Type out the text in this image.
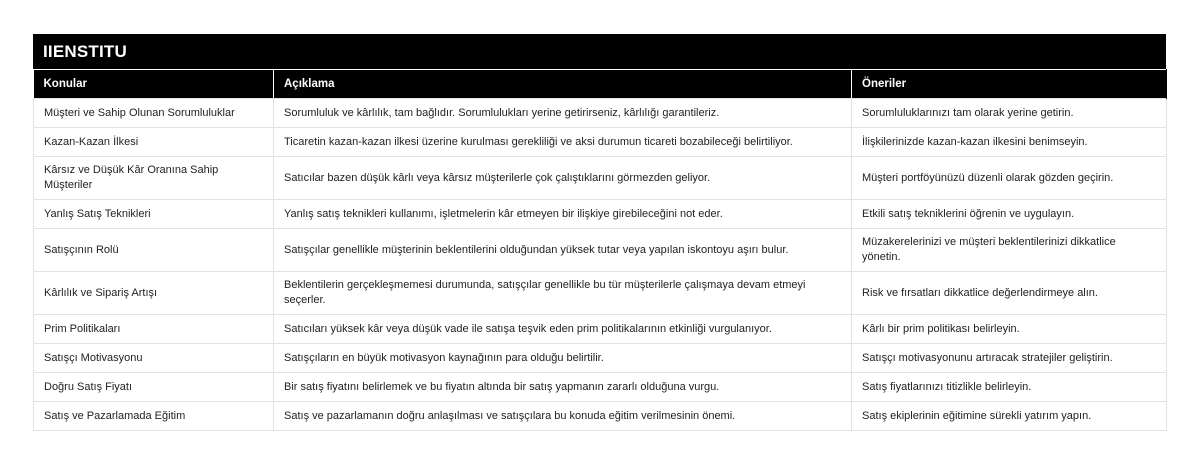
IIENSTITU
Konular	Açıklama	Öneriler
Müşteri ve Sahip Olunan Sorumluluklar	Sorumluluk ve kârlılık, tam bağlıdır. Sorumlulukları yerine getirirseniz, kârlılığı garantileriz.	Sorumluluklarınızı tam olarak yerine getirin.
Kazan-Kazan İlkesi	Ticaretin kazan-kazan ilkesi üzerine kurulması gerekliliği ve aksi durumun ticareti bozabileceği belirtiliyor.	İlişkilerinizde kazan-kazan ilkesini benimseyin.
Kârsız ve Düşük Kâr Oranına Sahip Müşteriler	Satıcılar bazen düşük kârlı veya kârsız müşterilerle çok çalıştıklarını görmezden geliyor.	Müşteri portföyünüzü düzenli olarak gözden geçirin.
Yanlış Satış Teknikleri	Yanlış satış teknikleri kullanımı, işletmelerin kâr etmeyen bir ilişkiye girebileceğini not eder.	Etkili satış tekniklerini öğrenin ve uygulayın.
Satışçının Rolü	Satışçılar genellikle müşterinin beklentilerini olduğundan yüksek tutar veya yapılan iskontoyu aşırı bulur.	Müzakerelerinizi ve müşteri beklentilerinizi dikkatlice yönetin.
Kârlılık ve Sipariş Artışı	Beklentilerin gerçekleşmemesi durumunda, satışçılar genellikle bu tür müşterilerle çalışmaya devam etmeyi seçerler.	Risk ve fırsatları dikkatlice değerlendirmeye alın.
Prim Politikaları	Satıcıları yüksek kâr veya düşük vade ile satışa teşvik eden prim politikalarının etkinliği vurgulanıyor.	Kârlı bir prim politikası belirleyin.
Satışçı Motivasyonu	Satışçıların en büyük motivasyon kaynağının para olduğu belirtilir.	Satışçı motivasyonunu artıracak stratejiler geliştirin.
Doğru Satış Fiyatı	Bir satış fiyatını belirlemek ve bu fiyatın altında bir satış yapmanın zararlı olduğuna vurgu.	Satış fiyatlarınızı titizlikle belirleyin.
Satış ve Pazarlamada Eğitim	Satış ve pazarlamanın doğru anlaşılması ve satışçılara bu konuda eğitim verilmesinin önemi.	Satış ekiplerinin eğitimine sürekli yatırım yapın.
